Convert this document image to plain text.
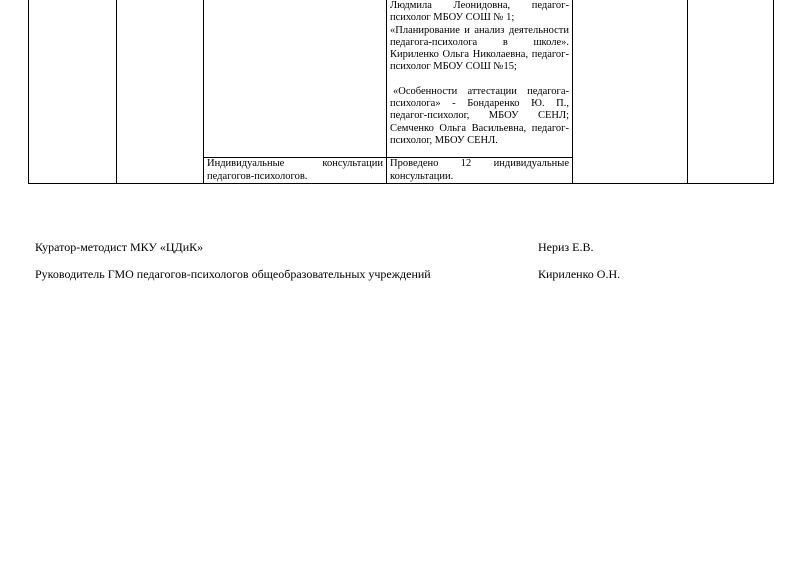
			Людмила Леонидовна, педагог-психолог МБОУ СОШ № 1;

«Планирование и анализ деятельности педагога-психолога в школе». Кириленко Ольга Николаевна, педагог-психолог МБОУ СОШ №15;

«Особенности аттестации педагога-психолога» - Бондаренко Ю. П., педагог-психолог, МБОУ СЕНЛ; Семченко Ольга Васильевна, педагог-психолог, МБОУ СЕНЛ.		

		Индивидуальные консультации педагогов-психологов.	Проведено 12 индивидуальные консультации.		

Куратор-методист МКУ «ЦДиК»	Нериз Е.В.
Руководитель ГМО педагогов-психологов общеобразовательных учреждений	Кириленко О.Н.
